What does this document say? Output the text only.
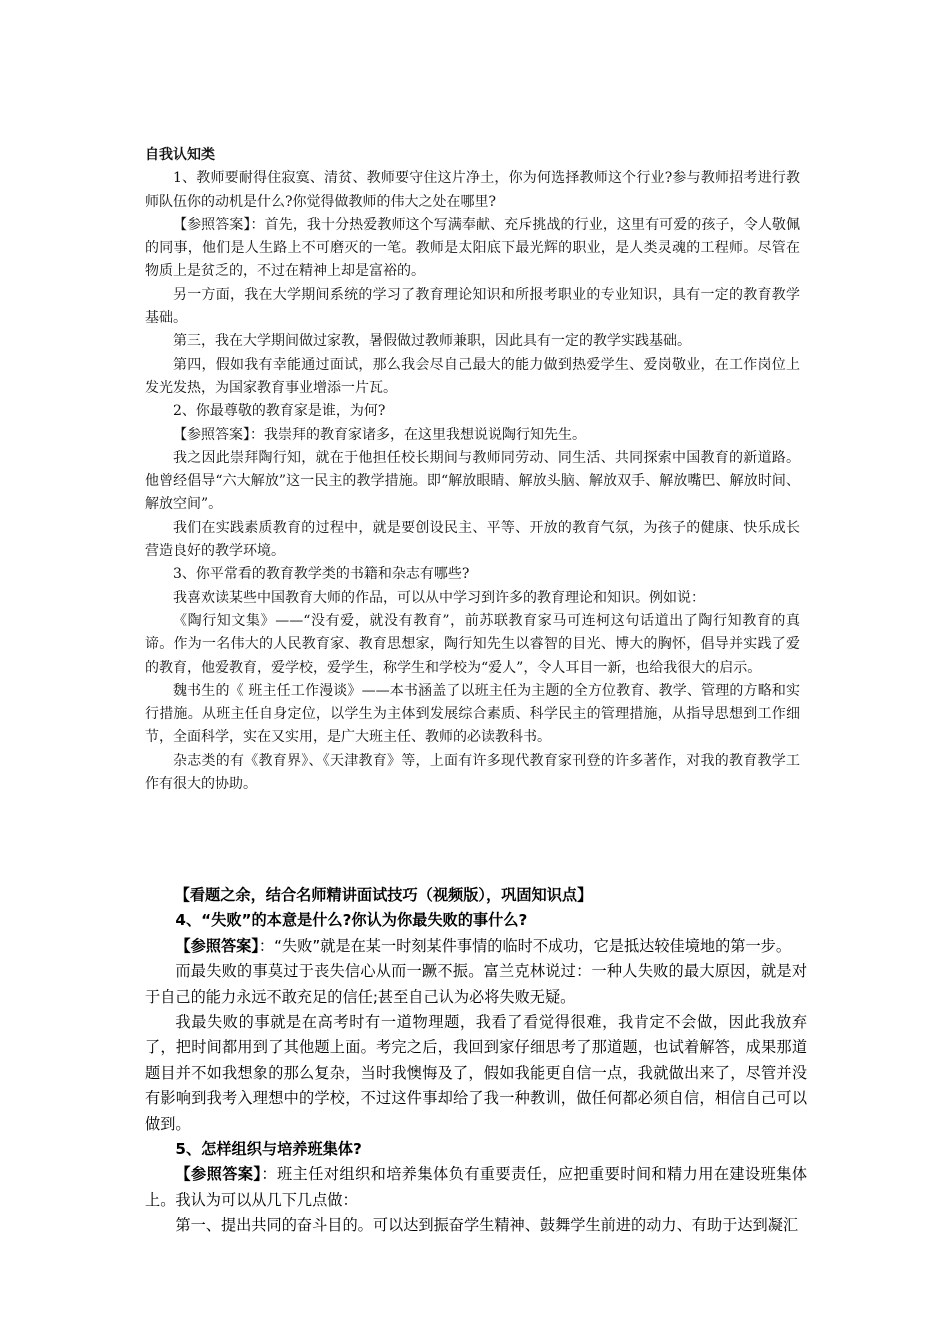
自我认知类

1、教师要耐得住寂寞、清贫、教师要守住这片净土，你为何选择教师这个行业?参与教师招考进行教师队伍你的动机是什么?你觉得做教师的伟大之处在哪里?

【参照答案】：首先，我十分热爱教师这个写满奉献、充斥挑战的行业，这里有可爱的孩子，令人敬佩的同事，他们是人生路上不可磨灭的一笔。教师是太阳底下最光辉的职业，是人类灵魂的工程师。尽管在物质上是贫乏的，不过在精神上却是富裕的。

另一方面，我在大学期间系统的学习了教育理论知识和所报考职业的专业知识，具有一定的教育教学基础。

第三，我在大学期间做过家教，暑假做过教师兼职，因此具有一定的教学实践基础。

第四，假如我有幸能通过面试，那么我会尽自己最大的能力做到热爱学生、爱岗敬业，在工作岗位上发光发热，为国家教育事业增添一片瓦。

2、你最尊敬的教育家是谁，为何?

【参照答案】：我崇拜的教育家诸多，在这里我想说说陶行知先生。

我之因此崇拜陶行知，就在于他担任校长期间与教师同劳动、同生活、共同探索中国教育的新道路。他曾经倡导“六大解放”这一民主的教学措施。即“解放眼睛、解放头脑、解放双手、解放嘴巴、解放时间、解放空间”。

我们在实践素质教育的过程中，就是要创设民主、平等、开放的教育气氛，为孩子的健康、快乐成长营造良好的教学环境。

3、你平常看的教育教学类的书籍和杂志有哪些?

我喜欢读某些中国教育大师的作品，可以从中学习到许多的教育理论和知识。例如说：

《陶行知文集》——“没有爱，就没有教育”，前苏联教育家马可连柯这句话道出了陶行知教育的真谛。作为一名伟大的人民教育家、教育思想家，陶行知先生以睿智的目光、博大的胸怀，倡导并实践了爱的教育，他爱教育，爱学校，爱学生，称学生和学校为“爱人”，令人耳目一新，也给我很大的启示。

魏书生的《 班主任工作漫谈》——本书涵盖了以班主任为主题的全方位教育、教学、管理的方略和实行措施。从班主任自身定位，以学生为主体到发展综合素质、科学民主的管理措施，从指导思想到工作细节，全面科学，实在又实用，是广大班主任、教师的必读教科书。

杂志类的有《教育界》、《天津教育》等，上面有许多现代教育家刊登的许多著作，对我的教育教学工作有很大的协助。

【看题之余，结合名师精讲面试技巧（视频版），巩固知识点】

4、“失败”的本意是什么?你认为你最失败的事什么?

【参照答案】：“失败”就是在某一时刻某件事情的临时不成功，它是抵达较佳境地的第一步。

而最失败的事莫过于丧失信心从而一蹶不振。富兰克林说过：一种人失败的最大原因，就是对于自己的能力永远不敢充足的信任;甚至自己认为必将失败无疑。

我最失败的事就是在高考时有一道物理题，我看了看觉得很难，我肯定不会做，因此我放弃了，把时间都用到了其他题上面。考完之后，我回到家仔细思考了那道题，也试着解答，成果那道题目并不如我想象的那么复杂，当时我懊悔及了，假如我能更自信一点，我就做出来了，尽管并没有影响到我考入理想中的学校，不过这件事却给了我一种教训，做任何都必须自信，相信自己可以做到。

5、怎样组织与培养班集体?

【参照答案】：班主任对组织和培养集体负有重要责任，应把重要时间和精力用在建设班集体上。我认为可以从几下几点做：

第一、提出共同的奋斗目的。可以达到振奋学生精神、鼓舞学生前进的动力、有助于达到凝汇
